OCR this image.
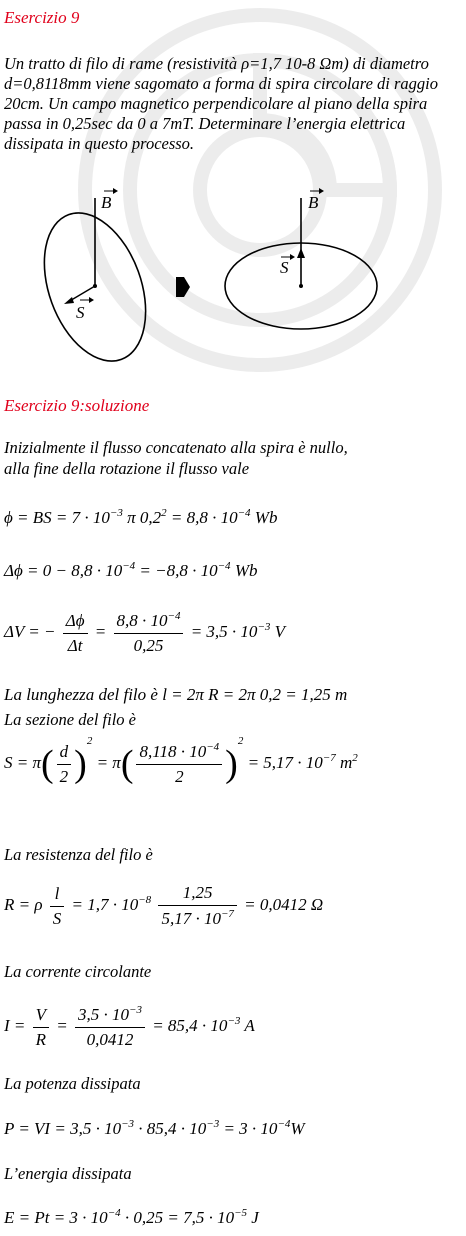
Esercizio 9
Un tratto di filo di rame (resistività ρ=1,7 10-8 Ωm) di diametro d=0,8118mm viene sagomato a forma di spira circolare di raggio 20cm. Un campo magnetico perpendicolare al piano della spira passa in 0,25sec da 0 a 7mT. Determinare l’energia elettrica dissipata in questo processo.
B
S
B
S
Esercizio 9:soluzione
Inizialmente il flusso concatenato alla spira è nullo,
alla fine della rotazione il flusso vale
ϕ = BS = $7 \cdot 10^{-3}$ π $0,2^2 = 8,8 \cdot 10^{-4}$ Wb
$\Delta\phi = 0 - 8,8 \cdot 10^{-4} = -8,8 \cdot 10^{-4}$ Wb
ΔV = − $\frac{\Delta\phi}{\Delta t} = \frac{8,8 \cdot 10^{-4}}{0,25} = 3,5 \cdot 10^{-3}$ V
La lunghezza del filo è l = 2π R = 2π 0,2 = 1,25 m
La sezione del filo è
$S = \pi( \frac{d}{2} )^2 = \pi( \frac{8,118 \cdot 10^{-4}}{2} )^2 = 5,17 \cdot 10^{-7}$ $m^2$
La resistenza del filo è
R = ρ $\frac{l}{S} = 1,7 \cdot 10^{-8} \frac{1,25}{5,17 \cdot 10^{-7}} = 0,0412$ Ω
La corrente circolante
$I = \frac{V}{R} = \frac{3,5 \cdot 10^{-3}}{0,0412} = 85,4 \cdot 10^{-3}$ A
La potenza dissipata
P = VI = $3,5 \cdot 10^{-3} \cdot 85,4 \cdot 10^{-3} = 3 \cdot 10^{-4}W$
L’energia dissipata
$E = Pt = 3 \cdot 10^{-4} \cdot 0,25 = 7,5 \cdot 10^{-5}$ J
